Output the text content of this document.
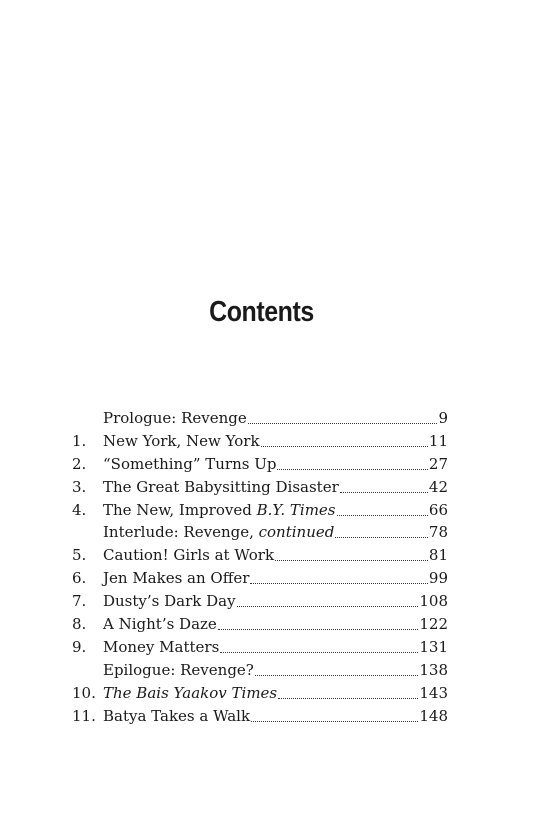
Contents
Prologue: Revenge	9
1.	New York, New York	11
2.	“Something” Turns Up	27
3.	The Great Babysitting Disaster	42
4.	The New, Improved B.Y. Times	66
Interlude: Revenge, continued	78
5.	Caution! Girls at Work	81
6.	Jen Makes an Offer	99
7.	Dusty’s Dark Day	108
8.	A Night’s Daze	122
9.	Money Matters	131
Epilogue: Revenge?	138
10. The Bais Yaakov Times	143
11. Batya Takes a Walk	148
